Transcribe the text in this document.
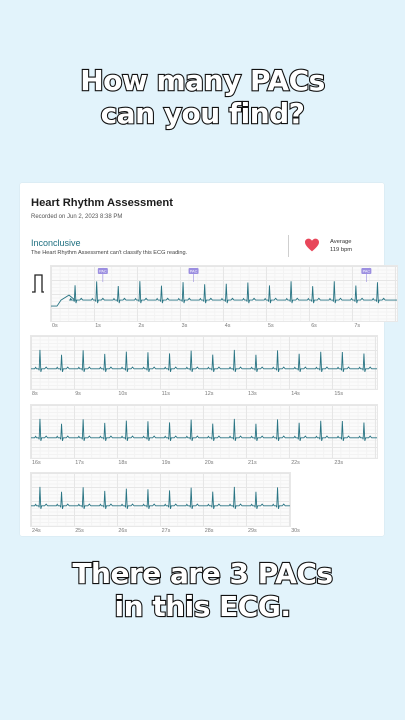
How many PACs
can you find?
Heart Rhythm Assessment
Recorded on Jun 2, 2023 8:38 PM
Inconclusive
The Heart Rhythm Assessment can't classify this ECG reading.
Average
119 bpm
PAC	PAC	PAC
0s	1s	2s	3s	4s	5s	6s	7s
8s	9s	10s	11s	12s	13s	14s	15s
16s	17s	18s	19s	20s	21s	22s	23s
24s	25s	26s	27s	28s	29s	30s
There are 3 PACs
in this ECG.
